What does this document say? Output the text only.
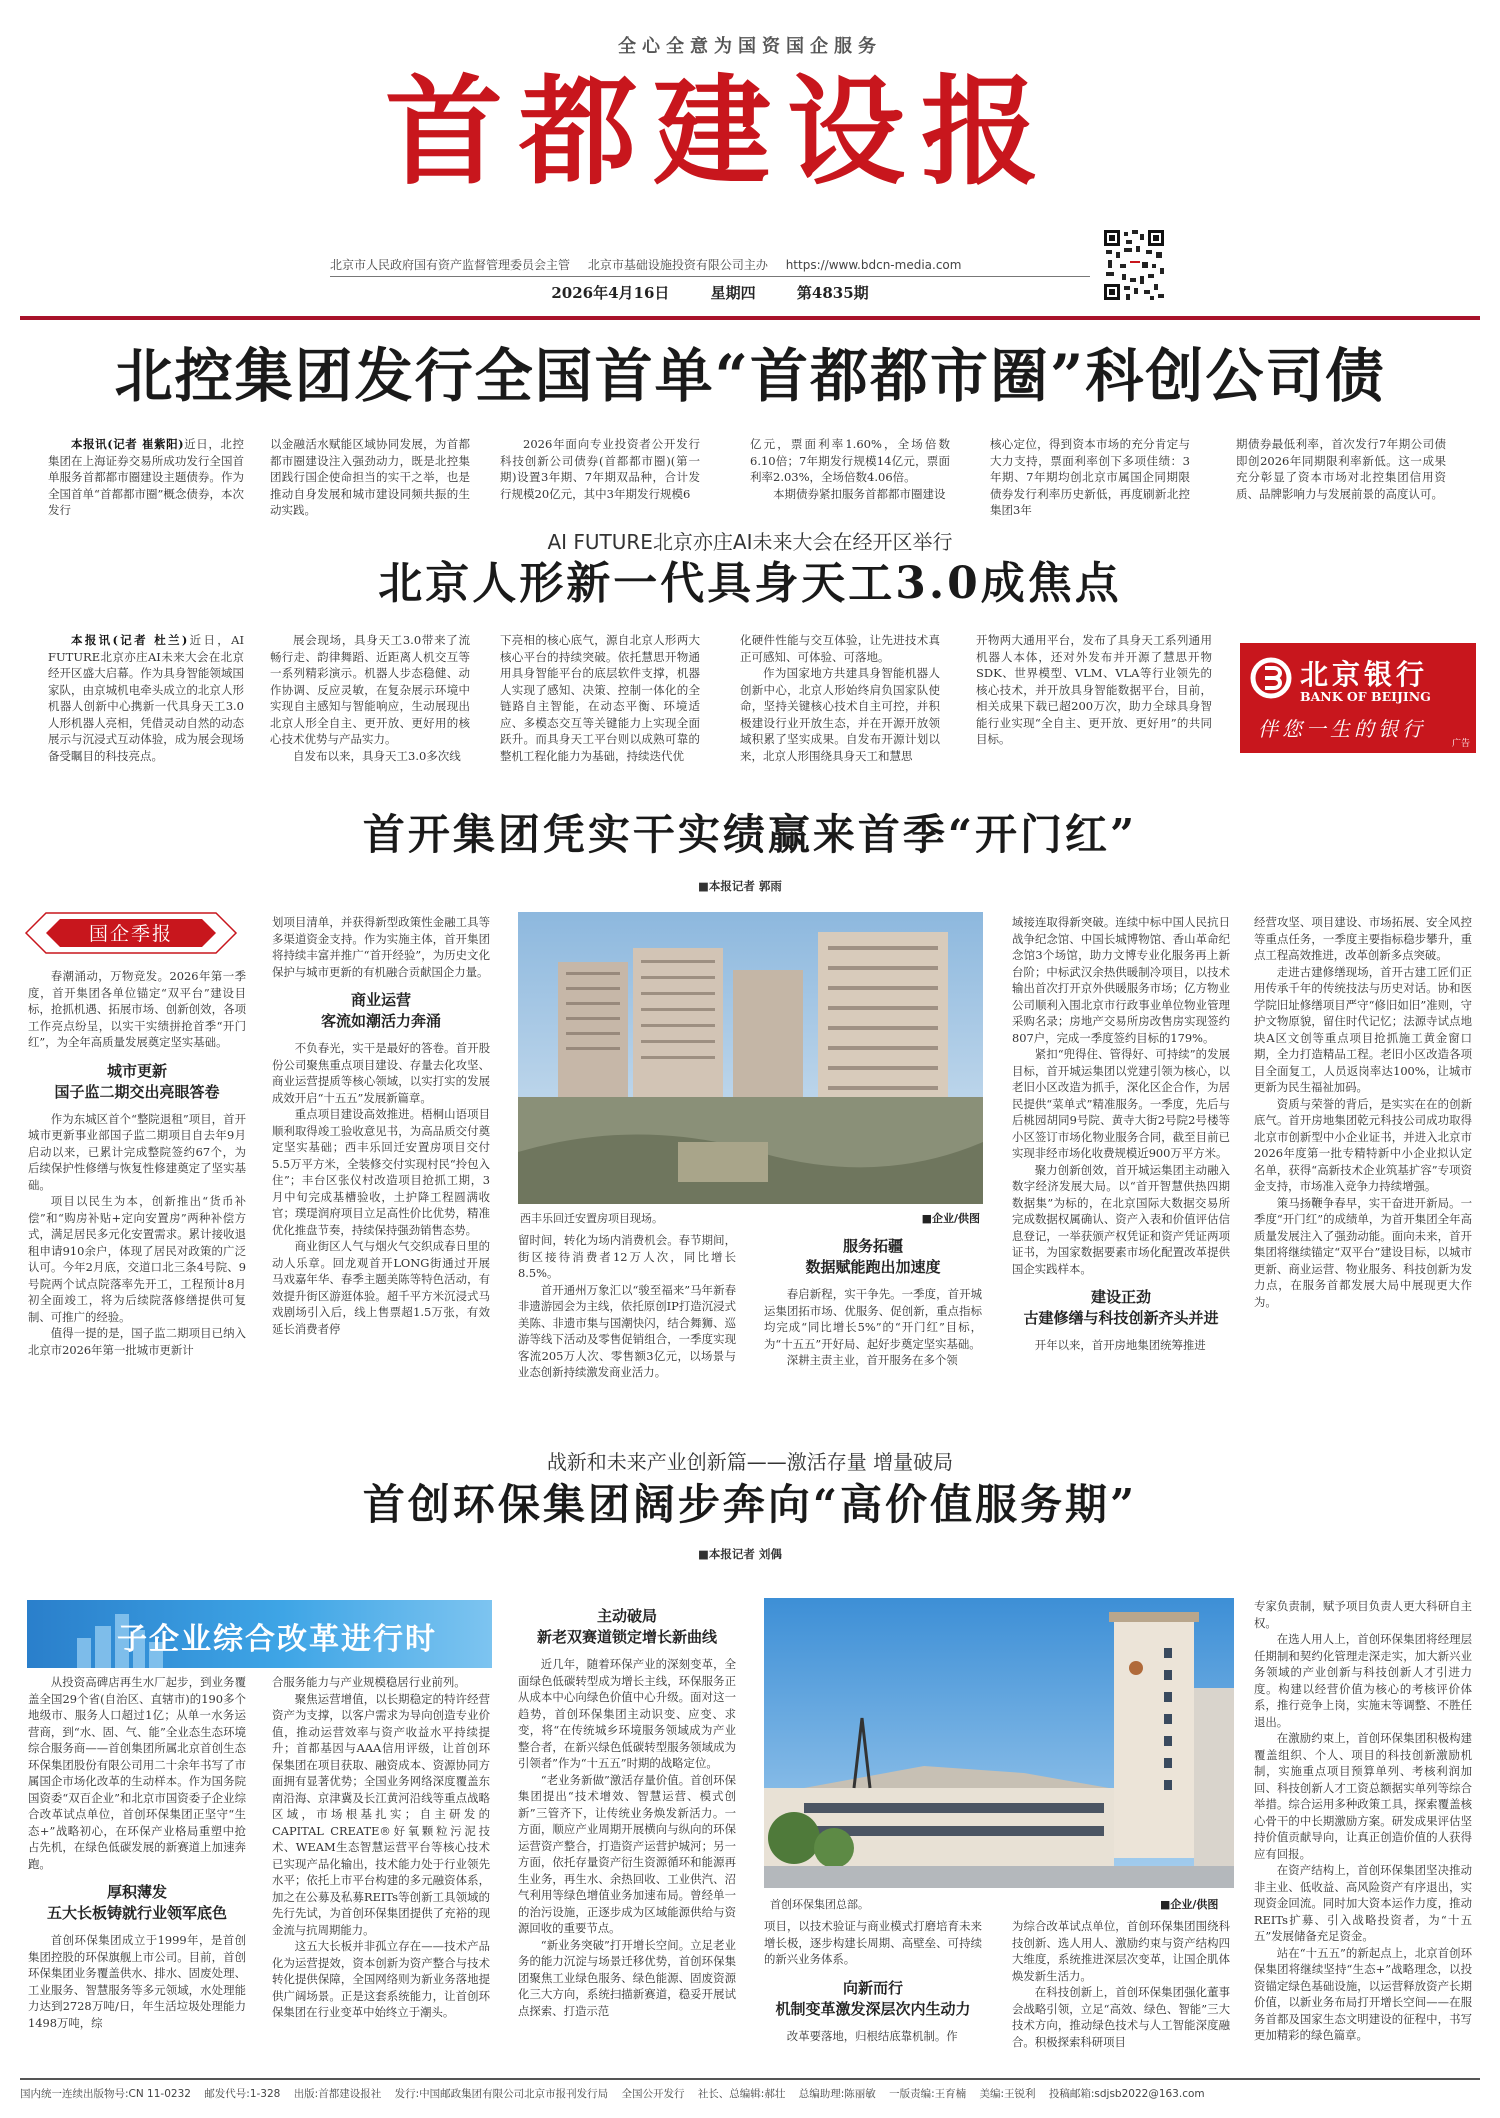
全心全意为国资国企服务
首都建设报
北京市人民政府国有资产监督管理委员会主管 北京市基础设施投资有限公司主办 https://www.bdcn-media.com
2026年4月16日	星期四	第4835期
北控集团发行全国首单“首都都市圈”科创公司债

本报讯(记者 崔紫阳)近日，北控集团在上海证券交易所成功发行全国首单服务首都都市圈建设主题债券。作为全国首单“首都都市圈”概念债券，本次发行

以金融活水赋能区域协同发展，为首都都市圈建设注入强劲动力，既是北控集团践行国企使命担当的实干之举，也是推动自身发展和城市建设同频共振的生动实践。

2026年面向专业投资者公开发行科技创新公司债券(首都都市圈)(第一期)设置3年期、7年期双品种，合计发行规模20亿元，其中3年期发行规模6

亿元，票面利率1.60%，全场倍数6.10倍；7年期发行规模14亿元，票面利率2.03%，全场倍数4.06倍。

本期债券紧扣服务首都都市圈建设

核心定位，得到资本市场的充分肯定与大力支持，票面利率创下多项佳绩：3年期、7年期均创北京市属国企同期限债券发行利率历史新低，再度刷新北控集团3年

期债券最低利率，首次发行7年期公司债即创2026年同期限利率新低。这一成果充分彰显了资本市场对北控集团信用资质、品牌影响力与发展前景的高度认可。

AI FUTURE北京亦庄AI未来大会在经开区举行
北京人形新一代具身天工3.0成焦点

本报讯(记者 杜兰)近日，AI FUTURE北京亦庄AI未来大会在北京经开区盛大启幕。作为具身智能领域国家队，由京城机电牵头成立的北京人形机器人创新中心携新一代具身天工3.0人形机器人亮相，凭借灵动自然的动态展示与沉浸式互动体验，成为展会现场备受瞩目的科技亮点。

展会现场，具身天工3.0带来了流畅行走、韵律舞蹈、近距离人机交互等一系列精彩演示。机器人步态稳健、动作协调、反应灵敏，在复杂展示环境中实现自主感知与智能响应，生动展现出北京人形全自主、更开放、更好用的核心技术优势与产品实力。

自发布以来，具身天工3.0多次线

下亮相的核心底气，源自北京人形两大核心平台的持续突破。依托慧思开物通用具身智能平台的底层软件支撑，机器人实现了感知、决策、控制一体化的全链路自主智能，在动态平衡、环境适应、多模态交互等关键能力上实现全面跃升。而具身天工平台则以成熟可靠的整机工程化能力为基础，持续迭代优

化硬件性能与交互体验，让先进技术真正可感知、可体验、可落地。

作为国家地方共建具身智能机器人创新中心，北京人形始终肩负国家队使命，坚持关键核心技术自主可控，并积极建设行业开放生态，并在开源开放领域积累了坚实成果。自发布开源计划以来，北京人形围绕具身天工和慧思

开物两大通用平台，发布了具身天工系列通用机器人本体，还对外发布并开源了慧思开物SDK、世界模型、VLM、VLA等行业领先的核心技术，并开放具身智能数据平台，目前，相关成果下载已超200万次，助力全球具身智能行业实现“全自主、更开放、更好用”的共同目标。

北京银行
BANK OF BEIJING
伴您一生的银行
广告
首开集团凭实干实绩赢来首季“开门红”
■本报记者 郭雨
国企季报

春潮涌动，万物竞发。2026年第一季度，首开集团各单位锚定“双平台”建设目标，抢抓机遇、拓展市场、创新创效，各项工作亮点纷呈，以实干实绩拼抢首季“开门红”，为全年高质量发展奠定坚实基础。

城市更新
国子监二期交出亮眼答卷

作为东城区首个“整院退租”项目，首开城市更新事业部国子监二期项目自去年9月启动以来，已累计完成整院签约67个，为后续保护性修缮与恢复性修建奠定了坚实基础。

项目以民生为本，创新推出“货币补偿”和“购房补贴+定向安置房”两种补偿方式，满足居民多元化安置需求。累计接收退租申请910余户，体现了居民对政策的广泛认可。今年2月底，交道口北三条4号院、9号院两个试点院落率先开工，工程预计8月初全面竣工，将为后续院落修缮提供可复制、可推广的经验。

值得一提的是，国子监二期项目已纳入北京市2026年第一批城市更新计

划项目清单，并获得新型政策性金融工具等多渠道资金支持。作为实施主体，首开集团将持续丰富并推广“首开经验”，为历史文化保护与城市更新的有机融合贡献国企力量。

商业运营
客流如潮活力奔涌

不负春光，实干是最好的答卷。首开股份公司聚焦重点项目建设、存量去化攻坚、商业运营提质等核心领域，以实打实的发展成效开启“十五五”发展新篇章。

重点项目建设高效推进。梧桐山语项目顺利取得竣工验收意见书，为高品质交付奠定坚实基础；西丰乐回迁安置房项目交付5.5万平方米，全装修交付实现村民“拎包入住”；丰台区张仪村改造项目抢抓工期，3月中旬完成基槽验收，土护降工程圆满收官；璞瑅润府项目立足高性价比优势，精准优化推盘节奏，持续保持强劲销售态势。

商业街区人气与烟火气交织成春日里的动人乐章。回龙观首开LONG街通过开展马戏嘉年华、春季主题美陈等特色活动，有效提升街区游逛体验。超千平方米沉浸式马戏剧场引入后，线上售票超1.5万张，有效延长消费者停

西丰乐回迁安置房项目现场。	■企业/供图

留时间，转化为场内消费机会。春节期间，街区接待消费者12万人次，同比增长8.5%。

首开通州万象汇以“骏至福来”马年新春非遗游园会为主线，依托原创IP打造沉浸式美陈、非遗市集与国潮快闪，结合舞狮、巡游等线下活动及零售促销组合，一季度实现客流205万人次、零售额3亿元，以场景与业态创新持续激发商业活力。

服务拓疆
数据赋能跑出加速度

春启新程，实干争先。一季度，首开城运集团拓市场、优服务、促创新，重点指标均完成“同比增长5%”的“开门红”目标，为“十五五”开好局、起好步奠定坚实基础。

深耕主责主业，首开服务在多个领

域接连取得新突破。连续中标中国人民抗日战争纪念馆、中国长城博物馆、香山革命纪念馆3个场馆，助力文博专业化服务再上新台阶；中标武汉余热供暖制冷项目，以技术输出首次打开京外供暖服务市场；亿方物业公司顺利入围北京市行政事业单位物业管理采购名录；房地产交易所房改售房实现签约807户，完成一季度签约目标的179%。

紧扣“兜得住、管得好、可持续”的发展目标，首开城运集团以党建引领为核心，以老旧小区改造为抓手，深化区企合作，为居民提供“菜单式”精准服务。一季度，先后与后桃园胡同9号院、黄寺大街2号院2号楼等小区签订市场化物业服务合同，截至目前已实现非经市场化收费规模近900万平方米。

聚力创新创效，首开城运集团主动融入数字经济发展大局。以“首开智慧供热四期数据集”为标的，在北京国际大数据交易所完成数据权属确认、资产入表和价值评估信息登记，一举获颁产权凭证和资产凭证两项证书，为国家数据要素市场化配置改革提供国企实践样本。

建设正劲
古建修缮与科技创新齐头并进

开年以来，首开房地集团统筹推进

经营攻坚、项目建设、市场拓展、安全风控等重点任务，一季度主要指标稳步攀升，重点工程高效推进，改革创新多点突破。

走进古建修缮现场，首开古建工匠们正用传承千年的传统技法与历史对话。协和医学院旧址修缮项目严守“修旧如旧”准则，守护文物原貌，留住时代记忆；法源寺试点地块A区文创等重点项目抢抓施工黄金窗口期，全力打造精品工程。老旧小区改造各项目全面复工，人员返岗率达100%，让城市更新为民生福祉加码。

资质与荣誉的背后，是实实在在的创新底气。首开房地集团乾元科技公司成功取得北京市创新型中小企业证书，并进入北京市2026年度第一批专精特新中小企业拟认定名单，获得“高新技术企业筑基扩容”专项资金支持，市场准入竞争力持续增强。

策马扬鞭争春早，实干奋进开新局。一季度“开门红”的成绩单，为首开集团全年高质量发展注入了强劲动能。面向未来，首开集团将继续锚定“双平台”建设目标，以城市更新、商业运营、物业服务、科技创新为发力点，在服务首都发展大局中展现更大作为。

战新和未来产业创新篇——激活存量 增量破局
首创环保集团阔步奔向“高价值服务期”
■本报记者 刘偶
子企业综合改革进行时

从投资高碑店再生水厂起步，到业务覆盖全国29个省(自治区、直辖市)的190多个地级市、服务人口超过1亿；从单一水务运营商，到“水、固、气、能”全业态生态环境综合服务商——首创集团所属北京首创生态环保集团股份有限公司用二十余年书写了市属国企市场化改革的生动样本。作为国务院国资委“双百企业”和北京市国资委子企业综合改革试点单位，首创环保集团正坚守“生态+”战略初心，在环保产业格局重塑中抢占先机，在绿色低碳发展的新赛道上加速奔跑。

厚积薄发
五大长板铸就行业领军底色

首创环保集团成立于1999年，是首创集团控股的环保旗舰上市公司。目前，首创环保集团业务覆盖供水、排水、固废处理、工业服务、智慧服务等多元领域，水处理能力达到2728万吨/日，年生活垃圾处理能力1498万吨，综

合服务能力与产业规模稳居行业前列。

聚焦运营增值，以长期稳定的特许经营资产为支撑，以客户需求为导向创造专业价值，推动运营效率与资产收益水平持续提升；首都基因与AAA信用评级，让首创环保集团在项目获取、融资成本、资源协同方面拥有显著优势；全国业务网络深度覆盖东南沿海、京津冀及长江黄河沿线等重点战略区域，市场根基扎实；自主研发的CAPITAL CREATE®好氧颗粒污泥技术、WEAM生态智慧运营平台等核心技术已实现产品化输出，技术能力处于行业领先水平；依托上市平台构建的多元融资体系，加之在公募及私募REITs等创新工具领域的先行先试，为首创环保集团提供了充裕的现金流与抗周期能力。

这五大长板并非孤立存在——技术产品化为运营提效，资本创新为资产整合与技术转化提供保障，全国网络则为新业务落地提供广阔场景。正是这套系统能力，让首创环保集团在行业变革中始终立于潮头。

主动破局
新老双赛道锁定增长新曲线

近几年，随着环保产业的深刻变革，全面绿色低碳转型成为增长主线，环保服务正从成本中心向绿色价值中心升级。面对这一趋势，首创环保集团主动识变、应变、求变，将“在传统城乡环境服务领域成为产业整合者，在新兴绿色低碳转型服务领域成为引领者”作为“十五五”时期的战略定位。

“老业务新做”激活存量价值。首创环保集团提出“技术增效、智慧运营、模式创新”三管齐下，让传统业务焕发新活力。一方面，顺应产业周期开展横向与纵向的环保运营资产整合，打造资产运营护城河；另一方面，依托存量资产衍生资源循环和能源再生业务，再生水、余热回收、工业供汽、沼气利用等绿色增值业务加速布局。曾经单一的治污设施，正逐步成为区域能源供给与资源回收的重要节点。

“新业务突破”打开增长空间。立足老业务的能力沉淀与场景迁移优势，首创环保集团聚焦工业绿色服务、绿色能源、固废资源化三大方向，系统扫描新赛道，稳妥开展试点探索、打造示范

首创环保集团总部。	■企业/供图

项目，以技术验证与商业模式打磨培育未来增长极，逐步构建长周期、高壁垒、可持续的新兴业务体系。

向新而行
机制变革激发深层次内生动力

改革要落地，归根结底靠机制。作

为综合改革试点单位，首创环保集团围绕科技创新、选人用人、激励约束与资产结构四大维度，系统推进深层次变革，让国企肌体焕发新生活力。

在科技创新上，首创环保集团强化董事会战略引领，立足“高效、绿色、智能”三大技术方向，推动绿色技术与人工智能深度融合。积极探索科研项目

专家负责制，赋予项目负责人更大科研自主权。

在选人用人上，首创环保集团将经理层任期制和契约化管理走深走实，加大新兴业务领域的产业创新与科技创新人才引进力度。构建以经营价值为核心的考核评价体系，推行竞争上岗，实施末等调整、不胜任退出。

在激励约束上，首创环保集团积极构建覆盖组织、个人、项目的科技创新激励机制，实施重点项目预算单列、考核利润加回、科技创新人才工资总额据实单列等综合举措。综合运用多种政策工具，探索覆盖核心骨干的中长期激励方案。研发成果评估坚持价值贡献导向，让真正创造价值的人获得应有回报。

在资产结构上，首创环保集团坚决推动非主业、低收益、高风险资产有序退出，实现资金回流。同时加大资本运作力度，推动REITs扩募、引入战略投资者，为“十五五”发展储备充足资金。

站在“十五五”的新起点上，北京首创环保集团将继续坚持“生态+”战略理念，以投资锚定绿色基础设施，以运营释放资产长期价值，以新业务布局打开增长空间——在服务首都及国家生态文明建设的征程中，书写更加精彩的绿色篇章。

国内统一连续出版物号:CN 11-0232 邮发代号:1-328 出版:首都建设报社 发行:中国邮政集团有限公司北京市报刊发行局 全国公开发行 社长、总编辑:郝壮 总编助理:陈丽敏 一版责编:王育楠 美编:王锐利 投稿邮箱:sdjsb2022@163.com
